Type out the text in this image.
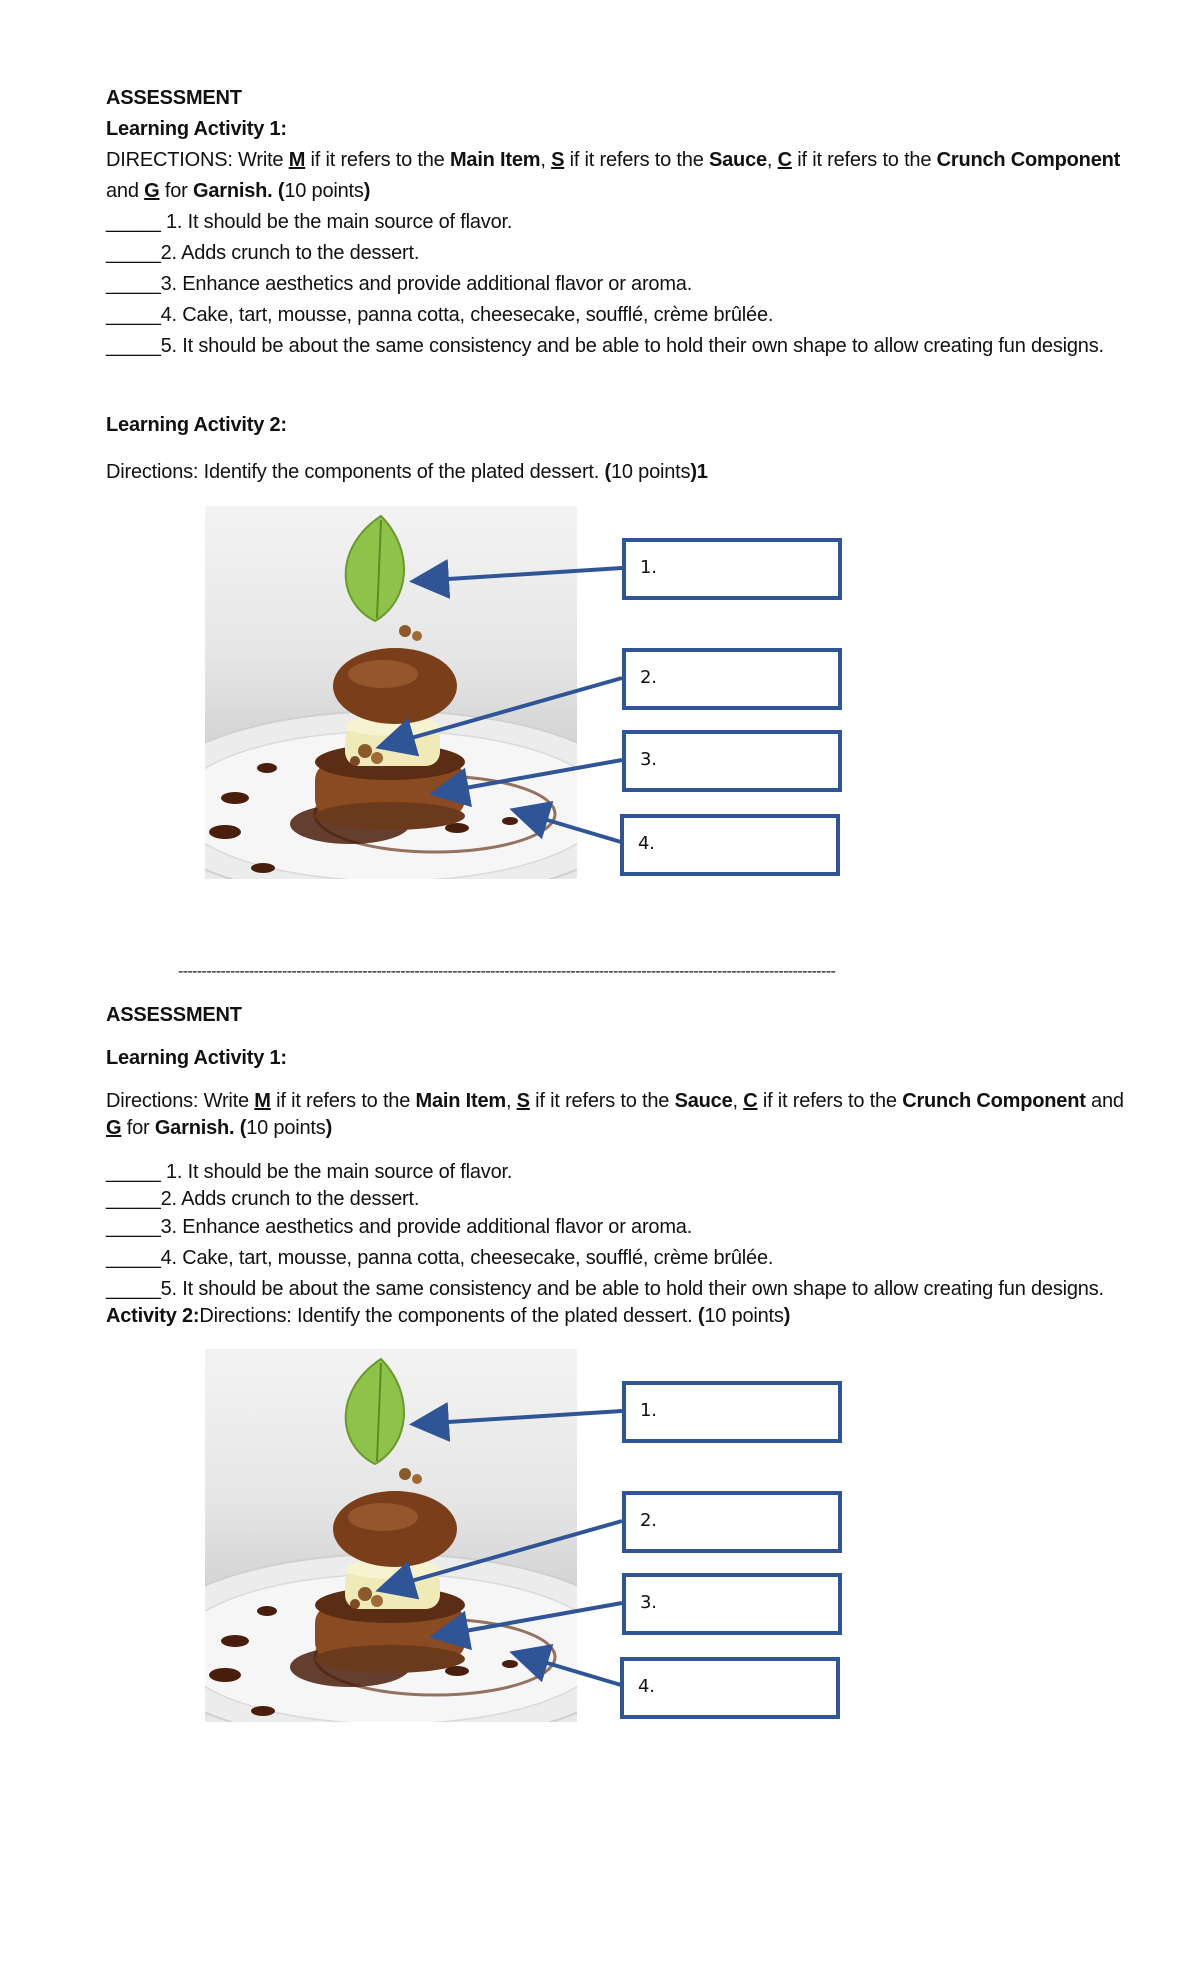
ASSESSMENT
Learning Activity 1:
DIRECTIONS: Write M if it refers to the Main Item, S if it refers to the Sauce, C if it refers to the Crunch Component
and G for Garnish. (10 points)
_____ 1. It should be the main source of flavor.
_____2. Adds crunch to the dessert.
_____3. Enhance aesthetics and provide additional flavor or aroma.
_____4. Cake, tart, mousse, panna cotta, cheesecake, soufflé, crème brûlée.
_____5. It should be about the same consistency and be able to hold their own shape to allow creating fun designs.
Learning Activity 2:
Directions: Identify the components of the plated dessert. (10 points)1
1.
2.
3.
4.
-------------------------------------------------------------------------------------------------------------------------------------------
ASSESSMENT
Learning Activity 1:
Directions: Write M if it refers to the Main Item, S if it refers to the Sauce, C if it refers to the Crunch Component and
G for Garnish. (10 points)
_____ 1. It should be the main source of flavor.
_____2. Adds crunch to the dessert.
_____3. Enhance aesthetics and provide additional flavor or aroma.
_____4. Cake, tart, mousse, panna cotta, cheesecake, soufflé, crème brûlée.
_____5. It should be about the same consistency and be able to hold their own shape to allow creating fun designs.
Activity 2:Directions: Identify the components of the plated dessert. (10 points)
1.
2.
3.
4.
